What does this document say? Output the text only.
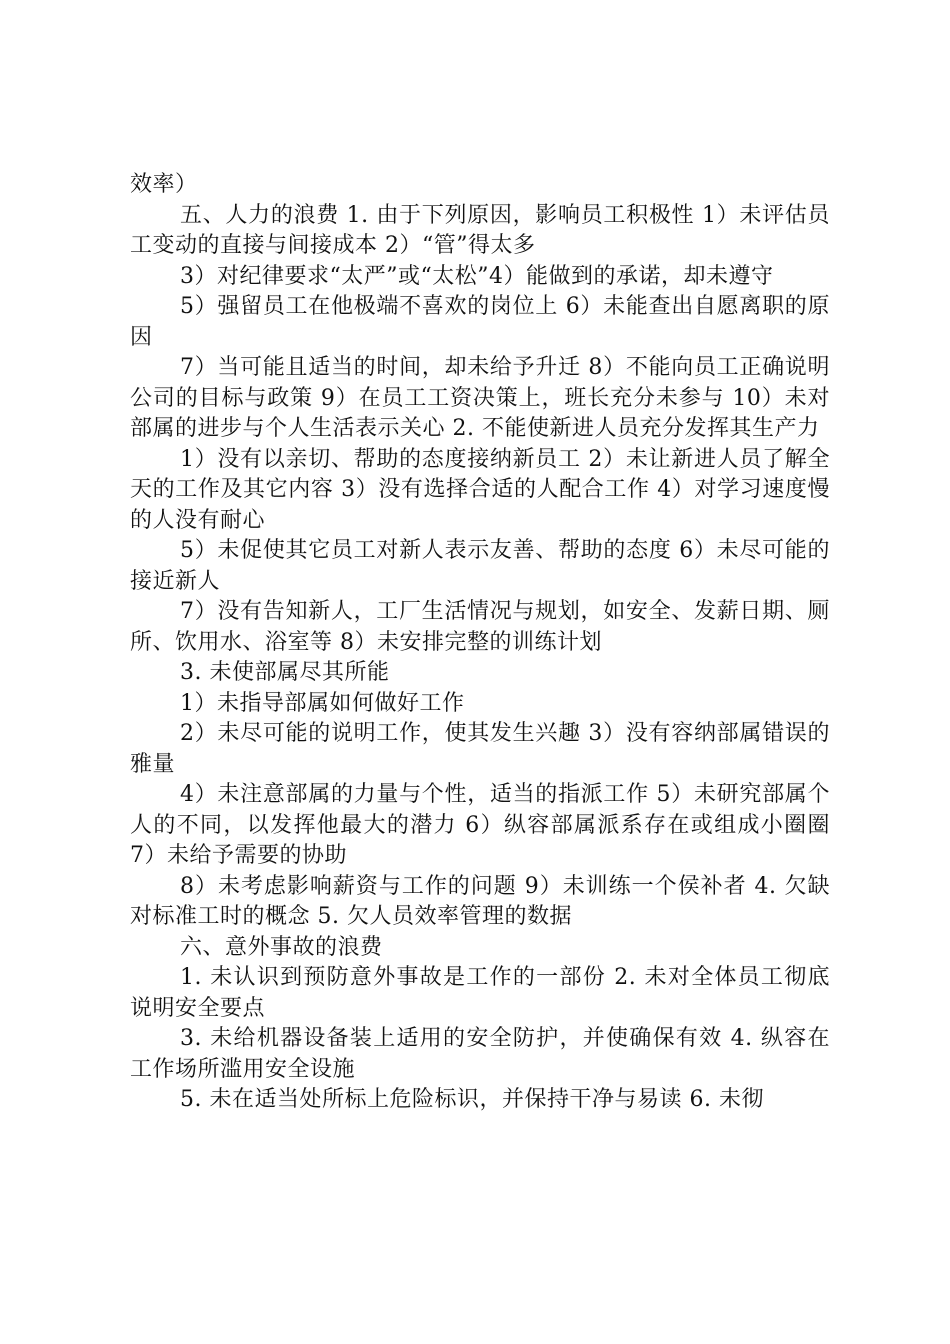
效率）

五、人力的浪费 1. 由于下列原因，影响员工积极性 1）未评估员工变动的直接与间接成本 2）“管”得太多

3）对纪律要求“太严”或“太松”4）能做到的承诺，却未遵守

5）强留员工在他极端不喜欢的岗位上 6）未能查出自愿离职的原因

7）当可能且适当的时间，却未给予升迁 8）不能向员工正确说明公司的目标与政策 9）在员工工资决策上，班长充分未参与 10）未对部属的进步与个人生活表示关心 2. 不能使新进人员充分发挥其生产力

1）没有以亲切、帮助的态度接纳新员工 2）未让新进人员了解全天的工作及其它内容 3）没有选择合适的人配合工作 4）对学习速度慢的人没有耐心

5）未促使其它员工对新人表示友善、帮助的态度 6）未尽可能的接近新人

7）没有告知新人，工厂生活情况与规划，如安全、发薪日期、厕所、饮用水、浴室等 8）未安排完整的训练计划

3. 未使部属尽其所能

1）未指导部属如何做好工作

2）未尽可能的说明工作，使其发生兴趣 3）没有容纳部属错误的雅量

4）未注意部属的力量与个性，适当的指派工作 5）未研究部属个人的不同，以发挥他最大的潜力 6）纵容部属派系存在或组成小圈圈 7）未给予需要的协助

8）未考虑影响薪资与工作的问题 9）未训练一个侯补者 4. 欠缺对标准工时的概念 5. 欠人员效率管理的数据

六、意外事故的浪费

1. 未认识到预防意外事故是工作的一部份 2. 未对全体员工彻底说明安全要点

3. 未给机器设备装上适用的安全防护，并使确保有效 4. 纵容在工作场所滥用安全设施

5. 未在适当处所标上危险标识，并保持干净与易读 6. 未彻
